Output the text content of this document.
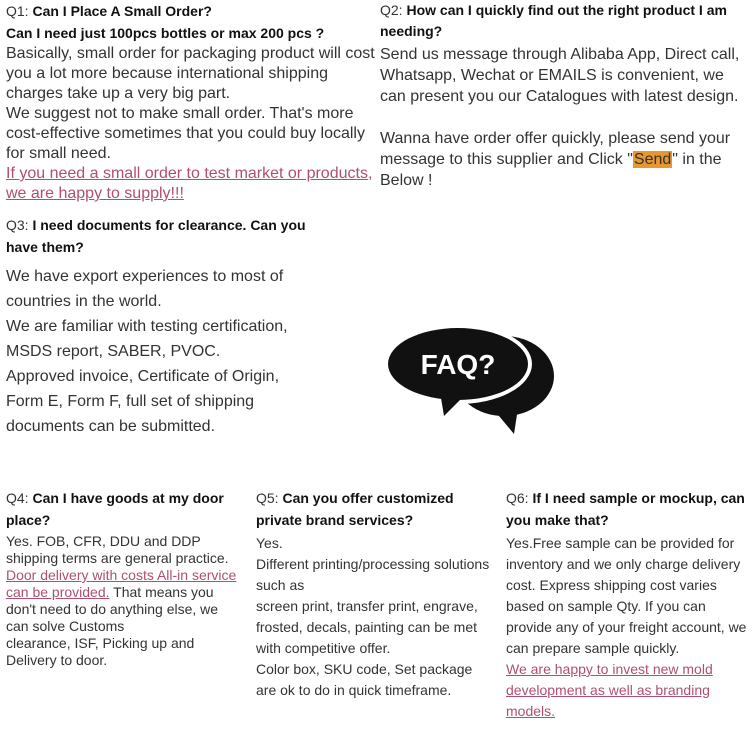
Q1: Can I Place A Small Order?
Can I need just 100pcs bottles or max 200 pcs ?
Basically, small order for packaging product will cost you a lot more because international shipping charges take up a very big part.
We suggest not to make small order. That's more cost-effective sometimes that you could buy locally for small need.
If you need a small order to test market or products, we are happy to supply!!!
Q2: How can I quickly find out the right product I am needing?
Send us message through Alibaba App, Direct call, Whatsapp, Wechat or EMAILS is convenient, we can present you our Catalogues with latest design.
Wanna have order offer quickly, please send your message to this supplier and Click "Send" in the Below !
Q3: I need documents for clearance. Can you have them?
We have export experiences to most of countries in the world.
We are familiar with testing certification, MSDS report, SABER, PVOC.
Approved invoice, Certificate of Origin, Form E, Form F, full set of shipping documents can be submitted.
FAQ?
Q4: Can I have goods at my door place?
Yes. FOB, CFR, DDU and DDP shipping terms are general practice.
Door delivery with costs All-in service can be provided. That means you don't need to do anything else, we can solve Customs
clearance, ISF, Picking up and Delivery to door.
Q5: Can you offer customized private brand services?
Yes.
Different printing/processing solutions such as
screen print, transfer print, engrave, frosted, decals, painting can be met with competitive offer.
Color box, SKU code, Set package are ok to do in quick timeframe.
Q6: If I need sample or mockup, can you make that?
Yes.Free sample can be provided for inventory and we only charge delivery cost. Express shipping cost varies based on sample Qty. If you can provide any of your freight account, we can prepare sample quickly.
We are happy to invest new mold development as well as branding models.
